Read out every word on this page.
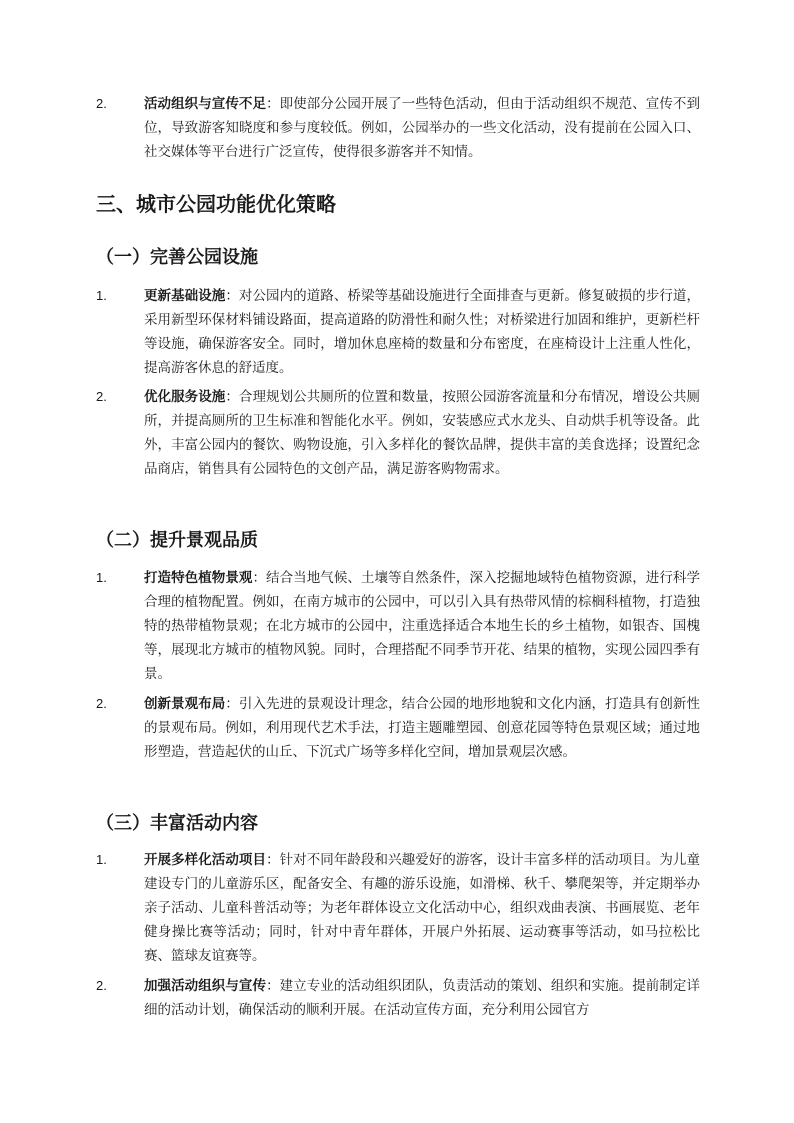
2.	活动组织与宣传不足：即使部分公园开展了一些特色活动，但由于活动组织不规范、宣传不到位，导致游客知晓度和参与度较低。例如，公园举办的一些文化活动，没有提前在公园入口、社交媒体等平台进行广泛宣传，使得很多游客并不知情。
三、城市公园功能优化策略
（一）完善公园设施
1.	更新基础设施：对公园内的道路、桥梁等基础设施进行全面排查与更新。修复破损的步行道，采用新型环保材料铺设路面，提高道路的防滑性和耐久性；对桥梁进行加固和维护，更新栏杆等设施，确保游客安全。同时，增加休息座椅的数量和分布密度，在座椅设计上注重人性化，提高游客休息的舒适度。
2.	优化服务设施：合理规划公共厕所的位置和数量，按照公园游客流量和分布情况，增设公共厕所，并提高厕所的卫生标准和智能化水平。例如，安装感应式水龙头、自动烘手机等设备。此外，丰富公园内的餐饮、购物设施，引入多样化的餐饮品牌，提供丰富的美食选择；设置纪念品商店，销售具有公园特色的文创产品，满足游客购物需求。
（二）提升景观品质
1.	打造特色植物景观：结合当地气候、土壤等自然条件，深入挖掘地域特色植物资源，进行科学合理的植物配置。例如，在南方城市的公园中，可以引入具有热带风情的棕榈科植物，打造独特的热带植物景观；在北方城市的公园中，注重选择适合本地生长的乡土植物，如银杏、国槐等，展现北方城市的植物风貌。同时，合理搭配不同季节开花、结果的植物，实现公园四季有景。
2.	创新景观布局：引入先进的景观设计理念，结合公园的地形地貌和文化内涵，打造具有创新性的景观布局。例如，利用现代艺术手法，打造主题雕塑园、创意花园等特色景观区域；通过地形塑造，营造起伏的山丘、下沉式广场等多样化空间，增加景观层次感。
（三）丰富活动内容
1.	开展多样化活动项目：针对不同年龄段和兴趣爱好的游客，设计丰富多样的活动项目。为儿童建设专门的儿童游乐区，配备安全、有趣的游乐设施，如滑梯、秋千、攀爬架等，并定期举办亲子活动、儿童科普活动等；为老年群体设立文化活动中心，组织戏曲表演、书画展览、老年健身操比赛等活动；同时，针对中青年群体，开展户外拓展、运动赛事等活动，如马拉松比赛、篮球友谊赛等。
2.	加强活动组织与宣传：建立专业的活动组织团队，负责活动的策划、组织和实施。提前制定详细的活动计划，确保活动的顺利开展。在活动宣传方面，充分利用公园官方
